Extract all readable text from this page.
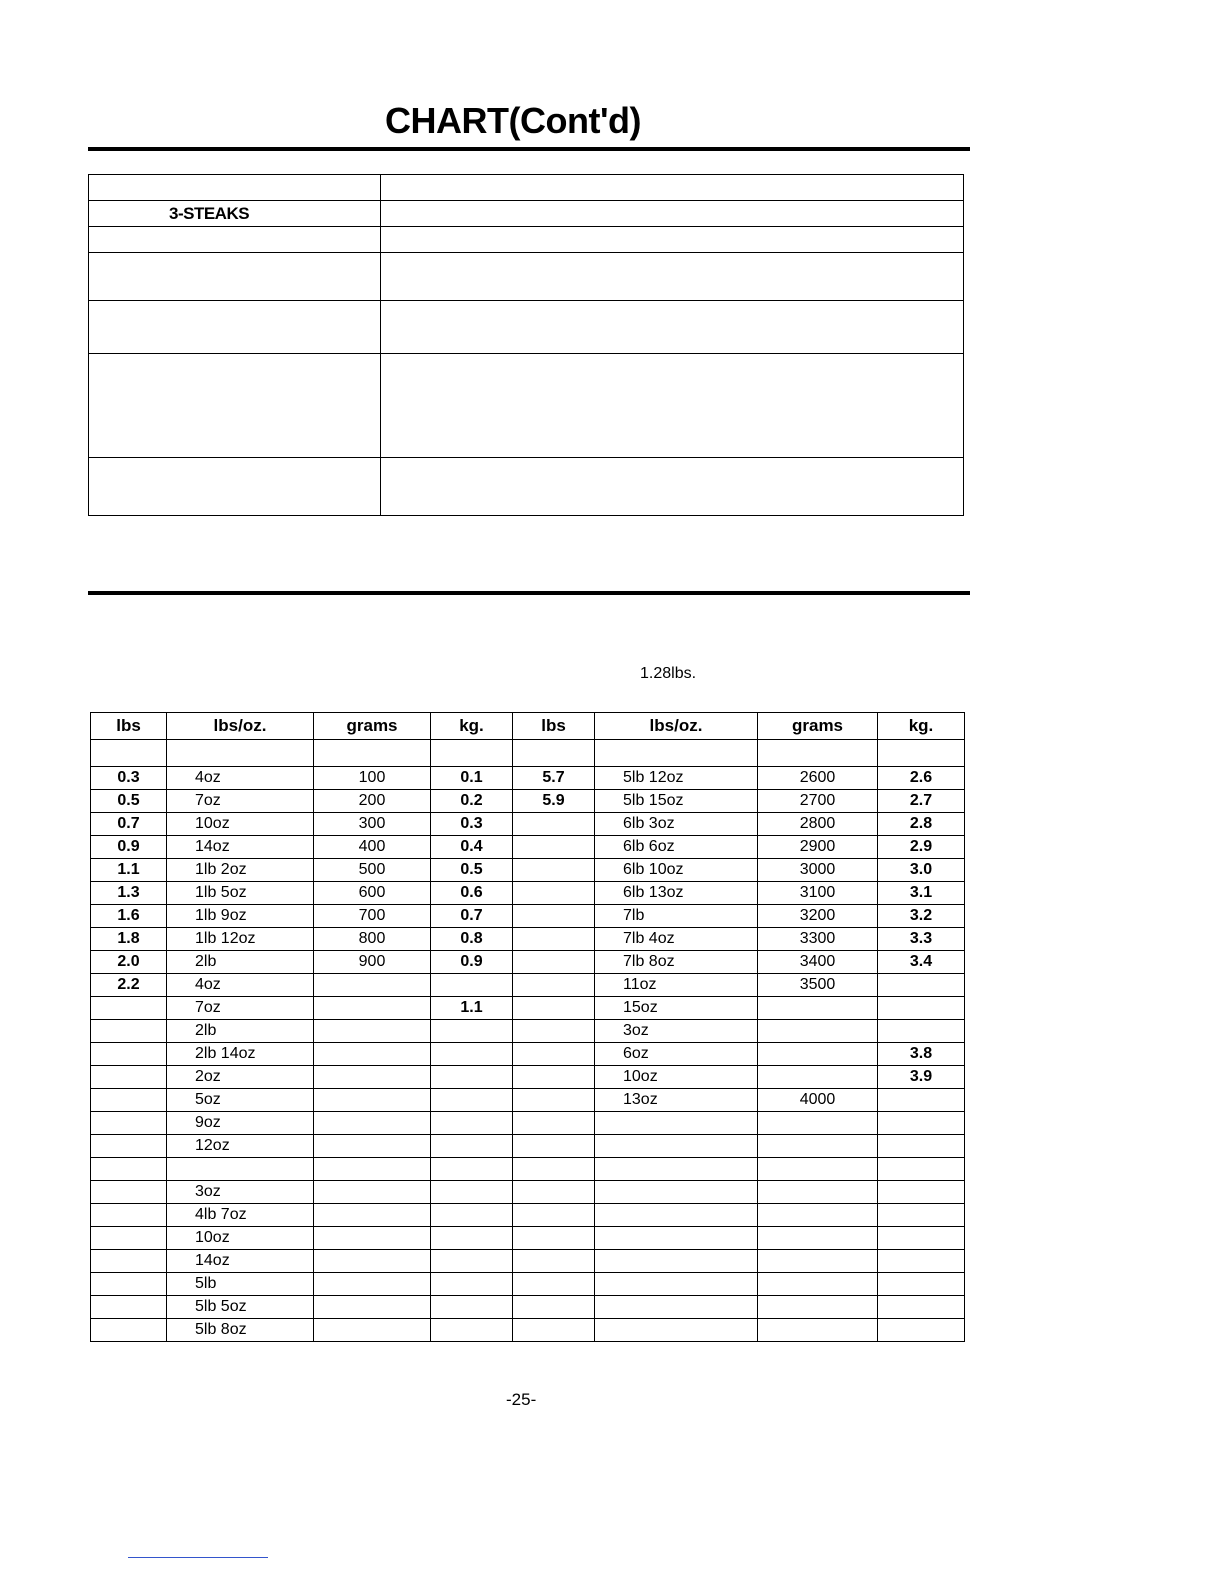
CHART(Cont'd)

3-STEAKS	

1.28lbs.
lbs	lbs/oz.	grams	kg.	lbs	lbs/oz.	grams	kg.

0.3	4oz	100	0.1	5.7	5lb 12oz	2600	2.6
0.5	7oz	200	0.2	5.9	5lb 15oz	2700	2.7
0.7	10oz	300	0.3		6lb 3oz	2800	2.8
0.9	14oz	400	0.4		6lb 6oz	2900	2.9
1.1	1lb 2oz	500	0.5		6lb 10oz	3000	3.0
1.3	1lb 5oz	600	0.6		6lb 13oz	3100	3.1
1.6	1lb 9oz	700	0.7		7lb	3200	3.2
1.8	1lb 12oz	800	0.8		7lb 4oz	3300	3.3
2.0	2lb	900	0.9		7lb 8oz	3400	3.4
2.2	4oz				11oz	3500	
	7oz		1.1		15oz		
	2lb				3oz		
	2lb 14oz				6oz		3.8
	2oz				10oz		3.9
	5oz				13oz	4000	
	9oz						
	12oz						

	3oz						
	4lb 7oz						
	10oz						
	14oz						
	5lb						
	5lb 5oz						
	5lb 8oz						
-25-
